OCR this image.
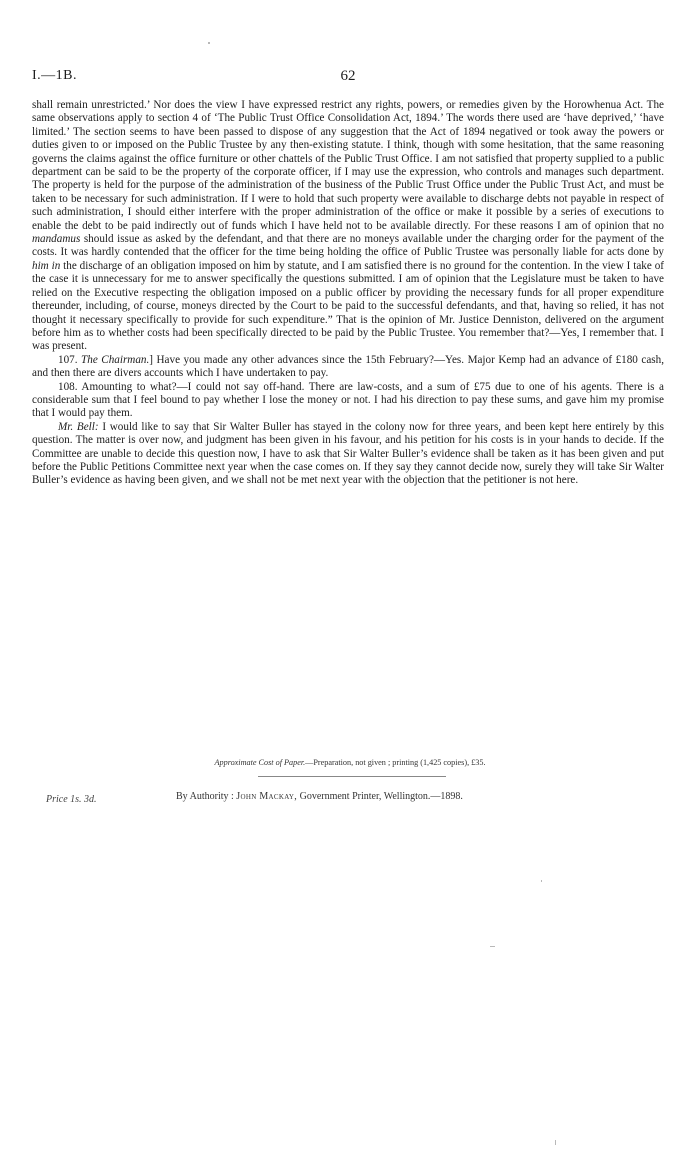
I.—1B.	62

shall remain unrestricted.’ Nor does the view I have expressed restrict any rights, powers, or remedies given by the Horowhenua Act. The same observations apply to section 4 of ‘The Public Trust Office Consolidation Act, 1894.’ The words there used are ‘have deprived,’ ‘have limited.’ The section seems to have been passed to dispose of any suggestion that the Act of 1894 negatived or took away the powers or duties given to or imposed on the Public Trustee by any then-existing statute. I think, though with some hesitation, that the same reasoning governs the claims against the office furniture or other chattels of the Public Trust Office. I am not satisfied that property supplied to a public department can be said to be the property of the corporate officer, if I may use the expression, who controls and manages such department. The property is held for the purpose of the administration of the business of the Public Trust Office under the Public Trust Act, and must be taken to be necessary for such administration. If I were to hold that such property were available to discharge debts not payable in respect of such administration, I should either interfere with the proper administration of the office or make it possible by a series of executions to enable the debt to be paid indirectly out of funds which I have held not to be available directly. For these reasons I am of opinion that no mandamus should issue as asked by the defendant, and that there are no moneys available under the charging order for the payment of the costs. It was hardly contended that the officer for the time being holding the office of Public Trustee was personally liable for acts done by him in the discharge of an obligation imposed on him by statute, and I am satisfied there is no ground for the contention. In the view I take of the case it is unnecessary for me to answer specifically the questions submitted. I am of opinion that the Legislature must be taken to have relied on the Executive respecting the obligation imposed on a public officer by providing the necessary funds for all proper expenditure thereunder, including, of course, moneys directed by the Court to be paid to the successful defendants, and that, having so relied, it has not thought it necessary specifically to provide for such expenditure.” That is the opinion of Mr. Justice Denniston, delivered on the argument before him as to whether costs had been specifically directed to be paid by the Public Trustee. You remember that?—Yes, I remember that. I was present.

107. The Chairman.] Have you made any other advances since the 15th February?—Yes. Major Kemp had an advance of £180 cash, and then there are divers accounts which I have undertaken to pay.

108. Amounting to what?—I could not say off-hand. There are law-costs, and a sum of £75 due to one of his agents. There is a considerable sum that I feel bound to pay whether I lose the money or not. I had his direction to pay these sums, and gave him my promise that I would pay them.

Mr. Bell: I would like to say that Sir Walter Buller has stayed in the colony now for three years, and been kept here entirely by this question. The matter is over now, and judgment has been given in his favour, and his petition for his costs is in your hands to decide. If the Committee are unable to decide this question now, I have to ask that Sir Walter Buller’s evidence shall be taken as it has been given and put before the Public Petitions Committee next year when the case comes on. If they say they cannot decide now, surely they will take Sir Walter Buller’s evidence as having been given, and we shall not be met next year with the objection that the petitioner is not here.

Approximate Cost of Paper.—Preparation, not given ; printing (1,425 copies), £35.
Price 1s. 3d.	By Authority : John Mackay, Government Printer, Wellington.—1898.
